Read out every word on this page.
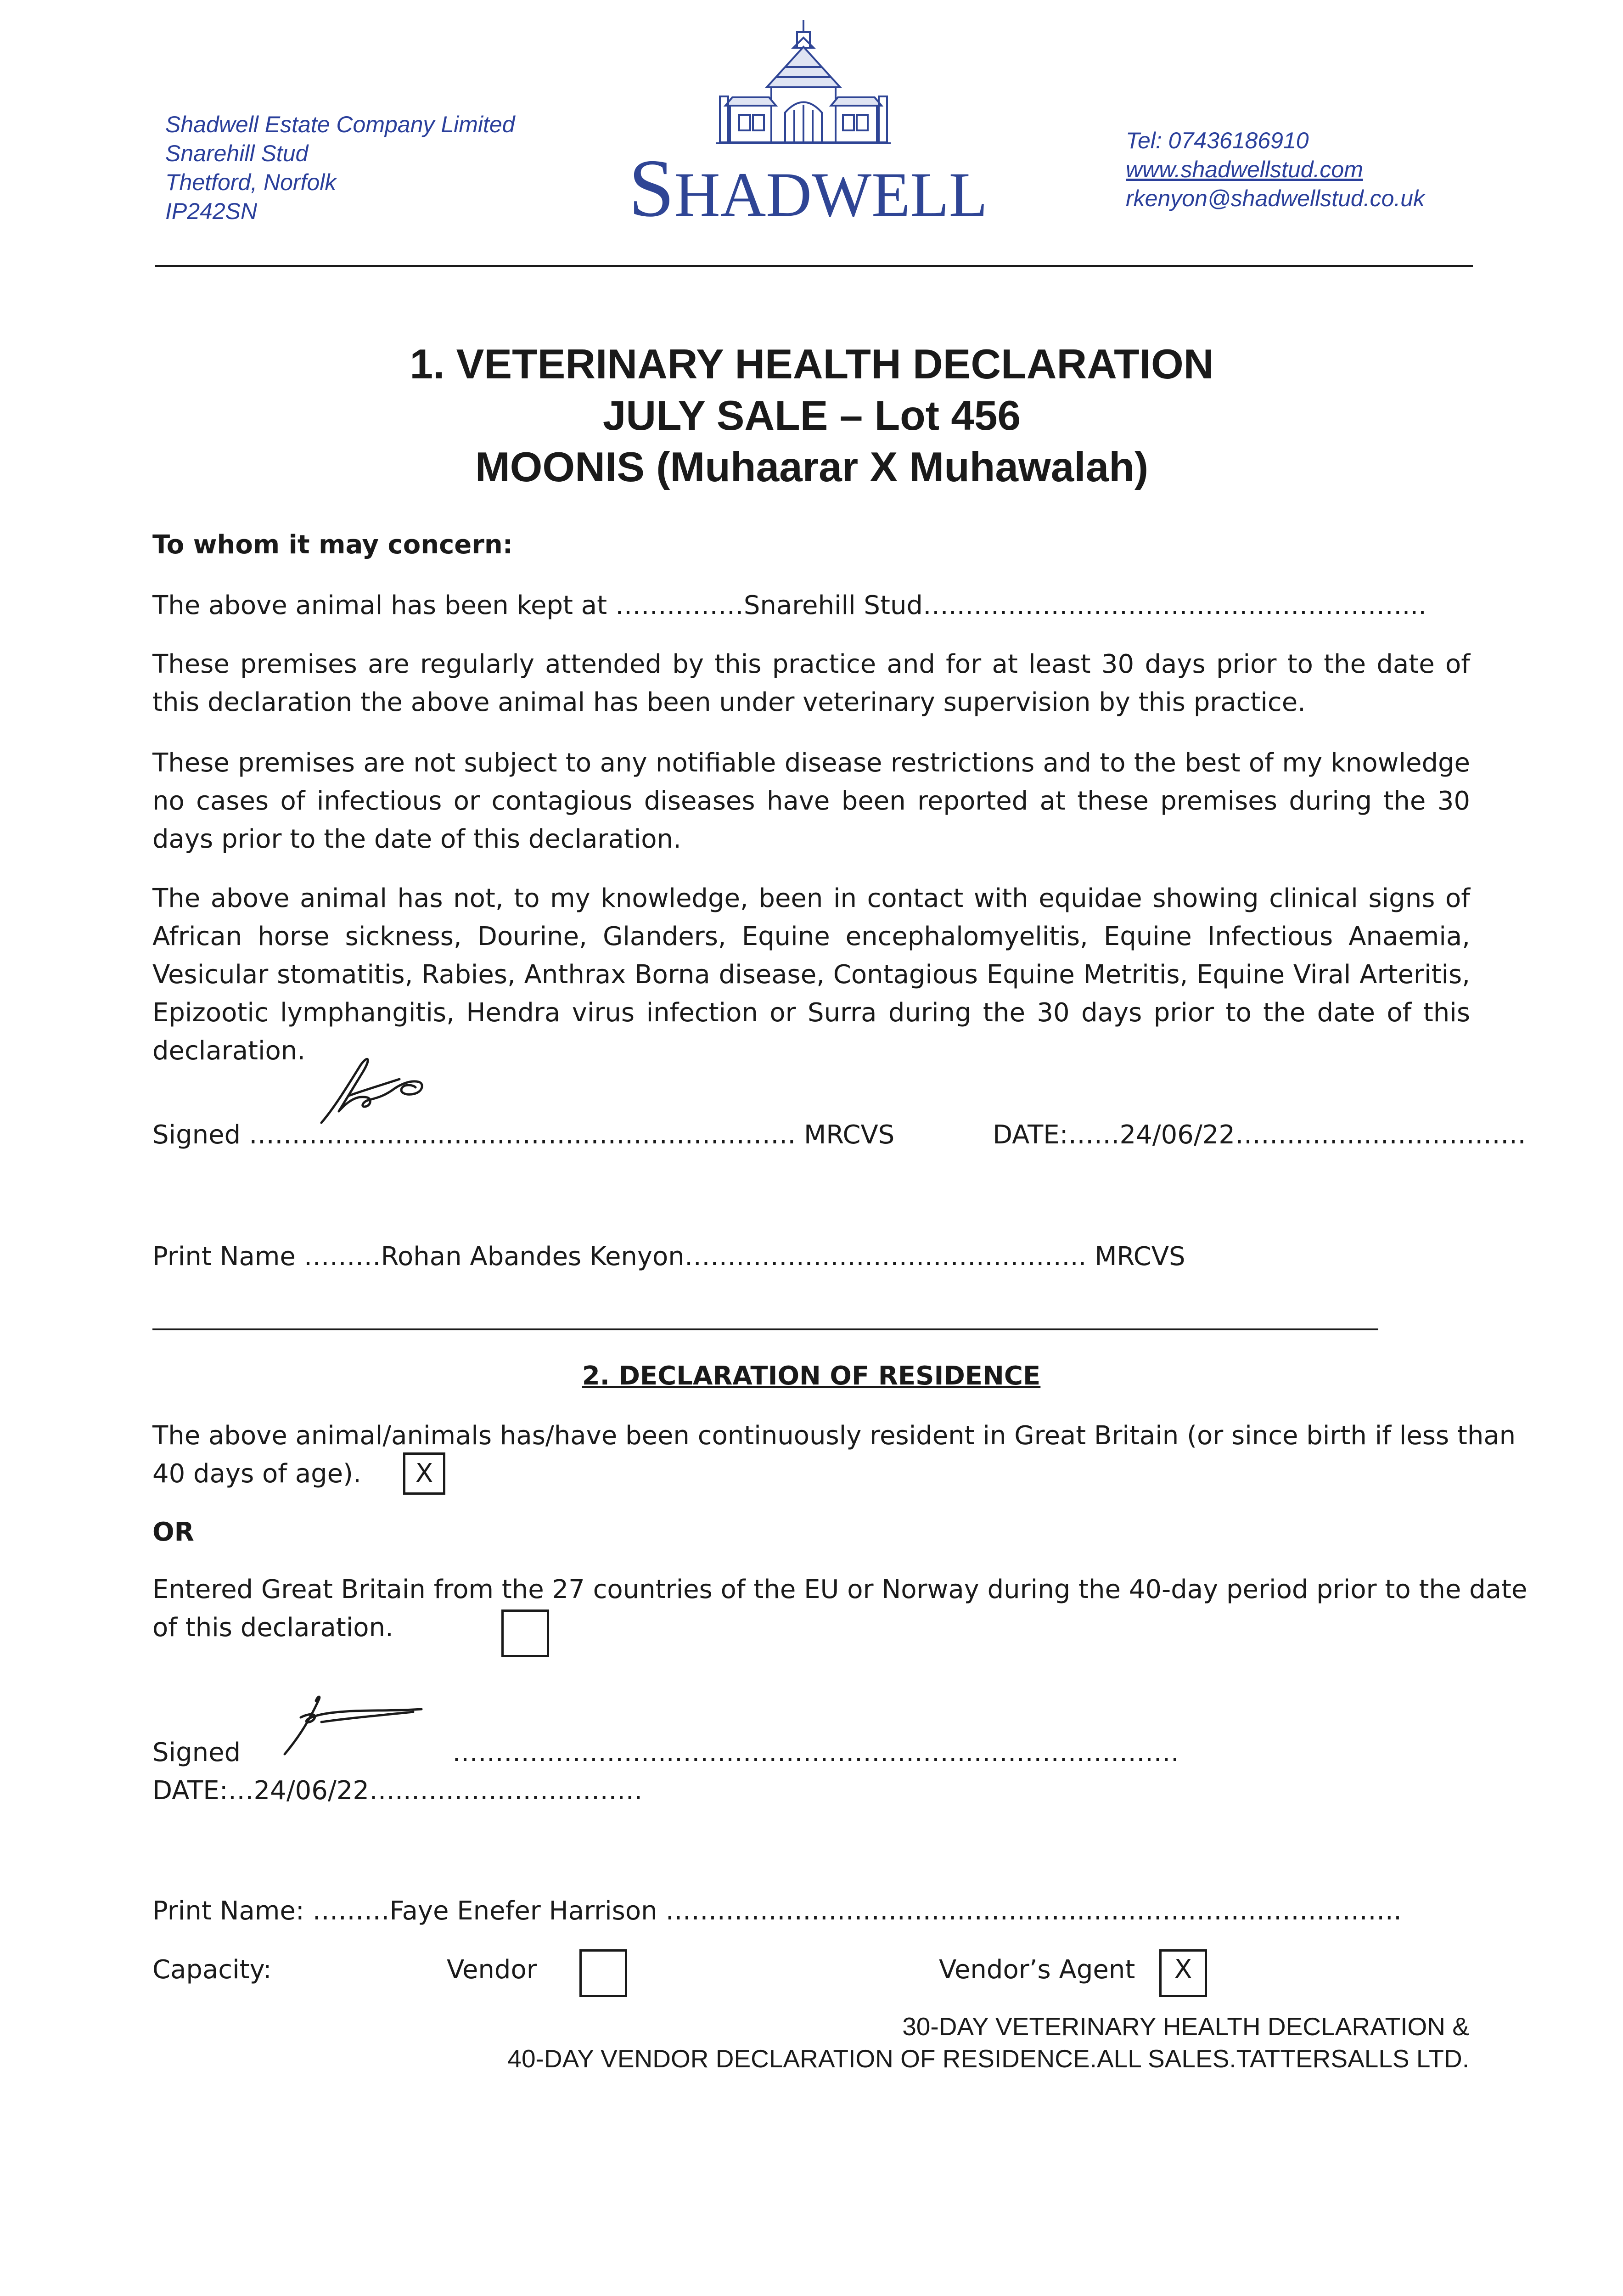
Shadwell Estate Company Limited
Snarehill Stud
Thetford, Norfolk
IP242SN	SHADWELL
Tel: 07436186910
www.shadwellstud.com
rkenyon@shadwellstud.co.uk
1. VETERINARY HEALTH DECLARATION
JULY SALE – Lot 456
MOONIS (Muhaarar X Muhawalah)
To whom it may concern:
The above animal has been kept at ……………Snarehill Stud…..……………………………………………...
These premises are regularly attended by this practice and for at least 30 days prior to the date of this declaration the above animal has been under veterinary supervision by this practice.
These premises are not subject to any notifiable disease restrictions and to the best of my knowledge no cases of infectious or contagious diseases have been reported at these premises during the 30 days prior to the date of this declaration.
The above animal has not, to my knowledge, been in contact with equidae showing clinical signs of African horse sickness, Dourine, Glanders, Equine encephalomyelitis, Equine Infectious Anaemia, Vesicular stomatitis, Rabies, Anthrax Borna disease, Contagious Equine Metritis, Equine Viral Arteritis, Epizootic lymphangitis, Hendra virus infection or Surra during the 30 days prior to the date of this declaration.
Signed …………………..…………….……………………. MRCVS	DATE:……24/06/22…………….………………
Print Name ………Rohan Abandes Kenyon……………………………………….. MRCVS
2. DECLARATION OF RESIDENCE
The above animal/animals has/have been continuously resident in Great Britain (or since birth if less than
40 days of age).	X
OR
Entered Great Britain from the 27 countries of the EU or Norway during the 40-day period prior to the date
of this declaration.
Signed	……………………..……………………………..……………………
DATE:…24/06/22…..………………………
Print Name: ………Faye Enefer Harrison ………………………………………….……………………………….
Capacity:	Vendor	Vendor’s Agent	X
30-DAY VETERINARY HEALTH DECLARATION &
40-DAY VENDOR DECLARATION OF RESIDENCE.ALL SALES.TATTERSALLS LTD.
